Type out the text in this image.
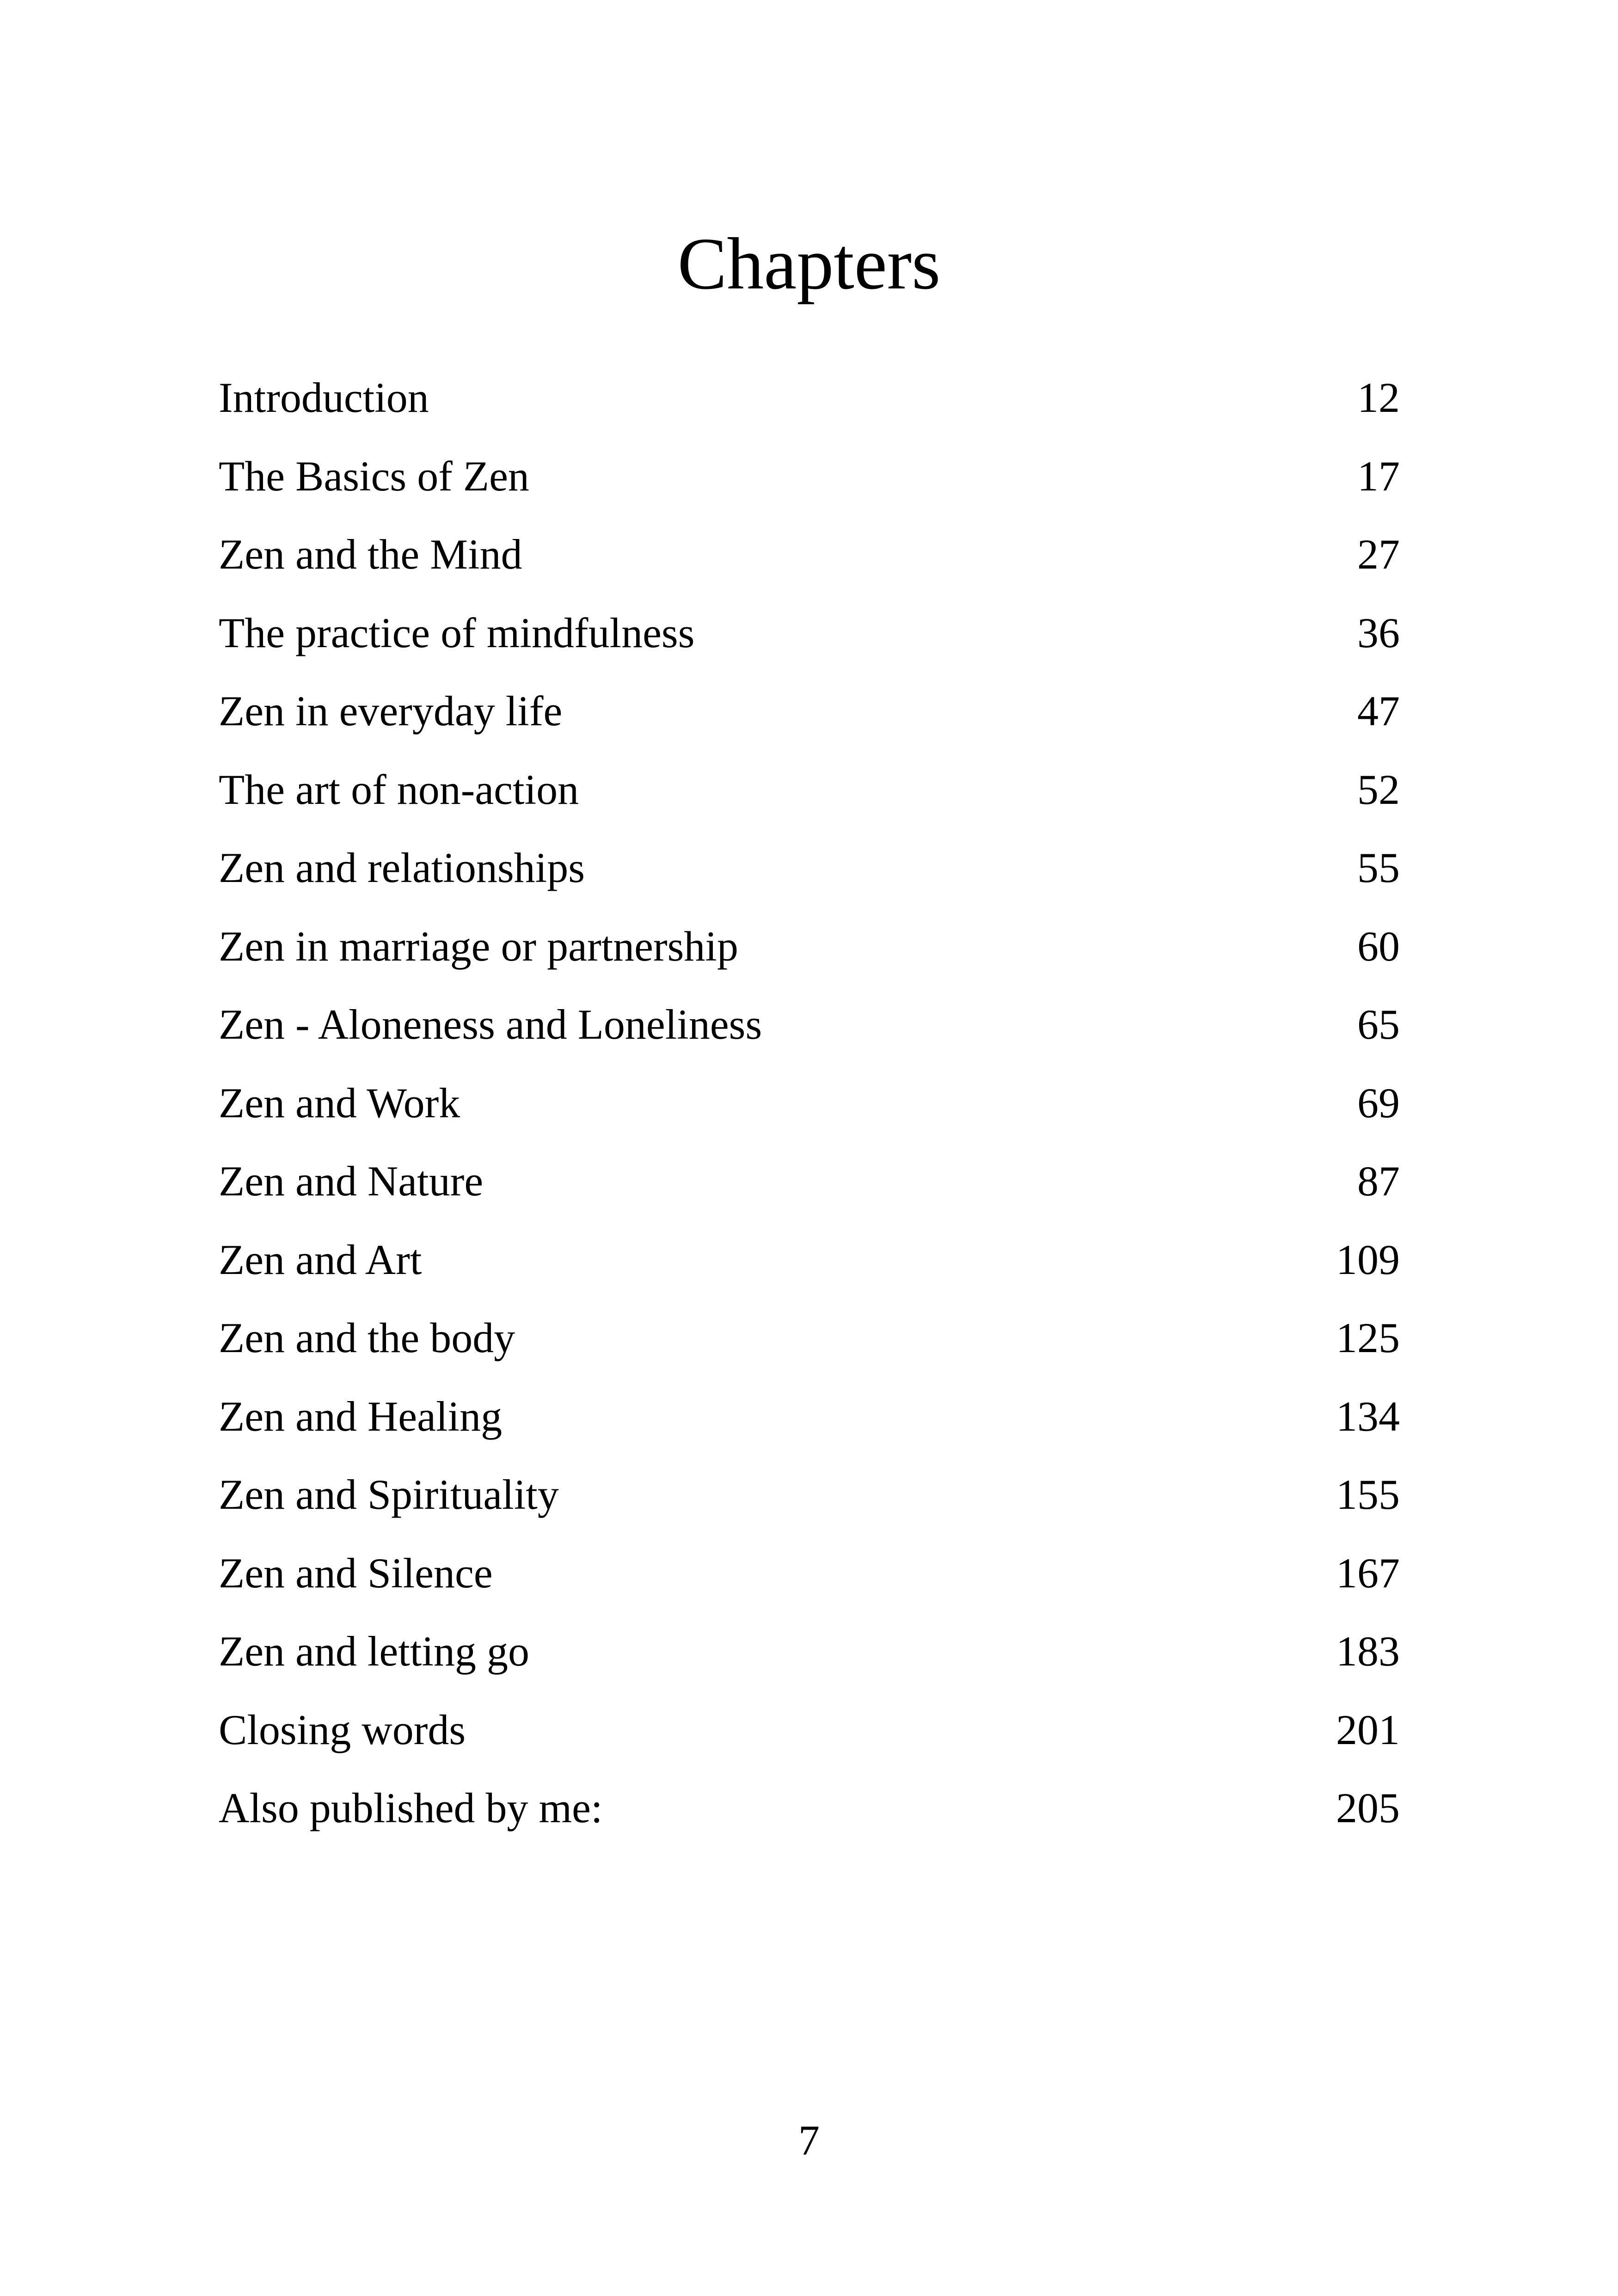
Chapters
Introduction	12
The Basics of Zen	17
Zen and the Mind	27
The practice of mindfulness	36
Zen in everyday life	47
The art of non-action	52
Zen and relationships	55
Zen in marriage or partnership	60
Zen - Aloneness and Loneliness	65
Zen and Work	69
Zen and Nature	87
Zen and Art	109
Zen and the body	125
Zen and Healing	134
Zen and Spirituality	155
Zen and Silence	167
Zen and letting go	183
Closing words	201
Also published by me:	205
7
